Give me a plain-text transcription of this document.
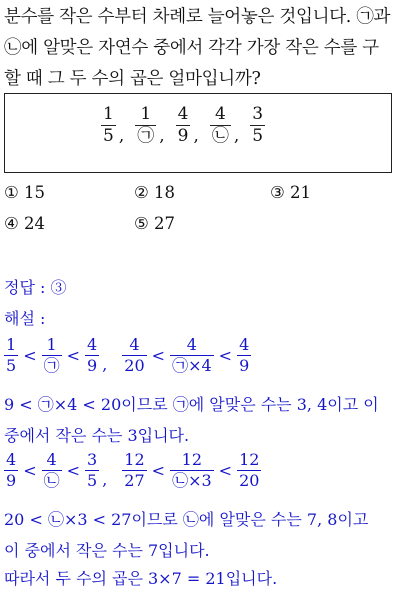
분수를 작은 수부터 차례로 늘어놓은 것입니다. ㉠과
㉡에 알맞은 자연수 중에서 각각 가장 작은 수를 구
할 때 그 두 수의 곱은 얼마입니까?

$\frac{1}{5}$ , $\frac{1}{㉠}$ , $\frac{4}{9}$ , $\frac{4}{㉡}$ , $\frac{3}{5}$
① 15	② 18	③ 21
④ 24	⑤ 27
정답 : ③
해설 :
$\frac{1}{5} < \frac{1}{㉠} < \frac{4}{9}$ , $\frac{4}{20} < \frac{4}{㉠\times 4} < \frac{4}{9}$
9 < ㉠×4 < 20이므로 ㉠에 알맞은 수는 3, 4이고 이
중에서 작은 수는 3입니다.
$\frac{4}{9} < \frac{4}{㉡} < \frac{3}{5}$ , $\frac{12}{27} < \frac{12}{㉡\times 3} < \frac{12}{20}$
20 < ㉡×3 < 27이므로 ㉡에 알맞은 수는 7, 8이고
이 중에서 작은 수는 7입니다.
따라서 두 수의 곱은 3×7 = 21입니다.
